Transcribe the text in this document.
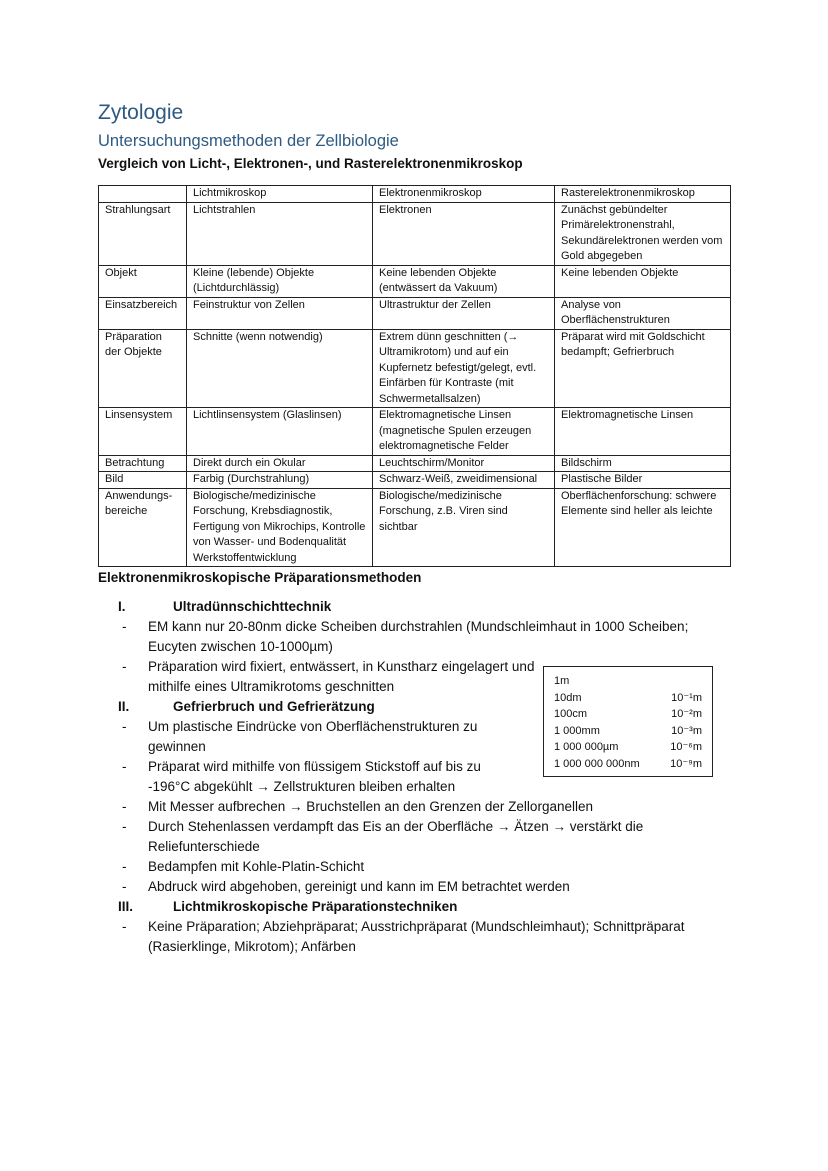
Zytologie
Untersuchungsmethoden der Zellbiologie
Vergleich von Licht-, Elektronen-, und Rasterelektronenmikroskop
	Lichtmikroskop	Elektronenmikroskop	Rasterelektronenmikroskop
Strahlungsart	Lichtstrahlen	Elektronen	Zunächst gebündelter Primärelektronenstrahl, Sekundärelektronen werden vom Gold abgegeben
Objekt	Kleine (lebende) Objekte (Lichtdurchlässig)	Keine lebenden Objekte (entwässert da Vakuum)	Keine lebenden Objekte
Einsatzbereich	Feinstruktur von Zellen	Ultrastruktur der Zellen	Analyse von Oberflächenstrukturen
Präparation der Objekte	Schnitte (wenn notwendig)	Extrem dünn geschnitten (→ Ultramikrotom) und auf ein Kupfernetz befestigt/gelegt, evtl. Einfärben für Kontraste (mit Schwermetallsalzen)	Präparat wird mit Goldschicht bedampft; Gefrierbruch
Linsensystem	Lichtlinsensystem (Glaslinsen)	Elektromagnetische Linsen (magnetische Spulen erzeugen elektromagnetische Felder	Elektromagnetische Linsen
Betrachtung	Direkt durch ein Okular	Leuchtschirm/Monitor	Bildschirm
Bild	Farbig (Durchstrahlung)	Schwarz-Weiß, zweidimensional	Plastische Bilder
Anwendungs-bereiche	Biologische/medizinische Forschung, Krebsdiagnostik, Fertigung von Mikrochips, Kontrolle von Wasser- und Bodenqualität Werkstoffentwicklung	Biologische/medizinische Forschung, z.B. Viren sind sichtbar	Oberflächenforschung: schwere Elemente sind heller als leichte
Elektronenmikroskopische Präparationsmethoden
I.	Ultradünnschichttechnik
-	EM kann nur 20-80nm dicke Scheiben durchstrahlen (Mundschleimhaut in 1000 Scheiben; Eucyten zwischen 10-1000µm)
-	Präparation wird fixiert, entwässert, in Kunstharz eingelagert und mithilfe eines Ultramikrotoms geschnitten
II.	Gefrierbruch und Gefrierätzung
-	Um plastische Eindrücke von Oberflächenstrukturen zu gewinnen
-	Präparat wird mithilfe von flüssigem Stickstoff auf bis zu -196°C abgekühlt → Zellstrukturen bleiben erhalten
-	Mit Messer aufbrechen → Bruchstellen an den Grenzen der Zellorganellen
-	Durch Stehenlassen verdampft das Eis an der Oberfläche → Ätzen → verstärkt die Reliefunterschiede
-	Bedampfen mit Kohle-Platin-Schicht
-	Abdruck wird abgehoben, gereinigt und kann im EM betrachtet werden
III.	Lichtmikroskopische Präparationstechniken
-	Keine Präparation; Abziehpräparat; Ausstrichpräparat (Mundschleimhaut); Schnittpräparat (Rasierklinge, Mikrotom); Anfärben
1m
10dm	10⁻¹m
100cm	10⁻²m
1 000mm	10⁻³m
1 000 000µm	10⁻⁶m
1 000 000 000nm	10⁻⁹m
